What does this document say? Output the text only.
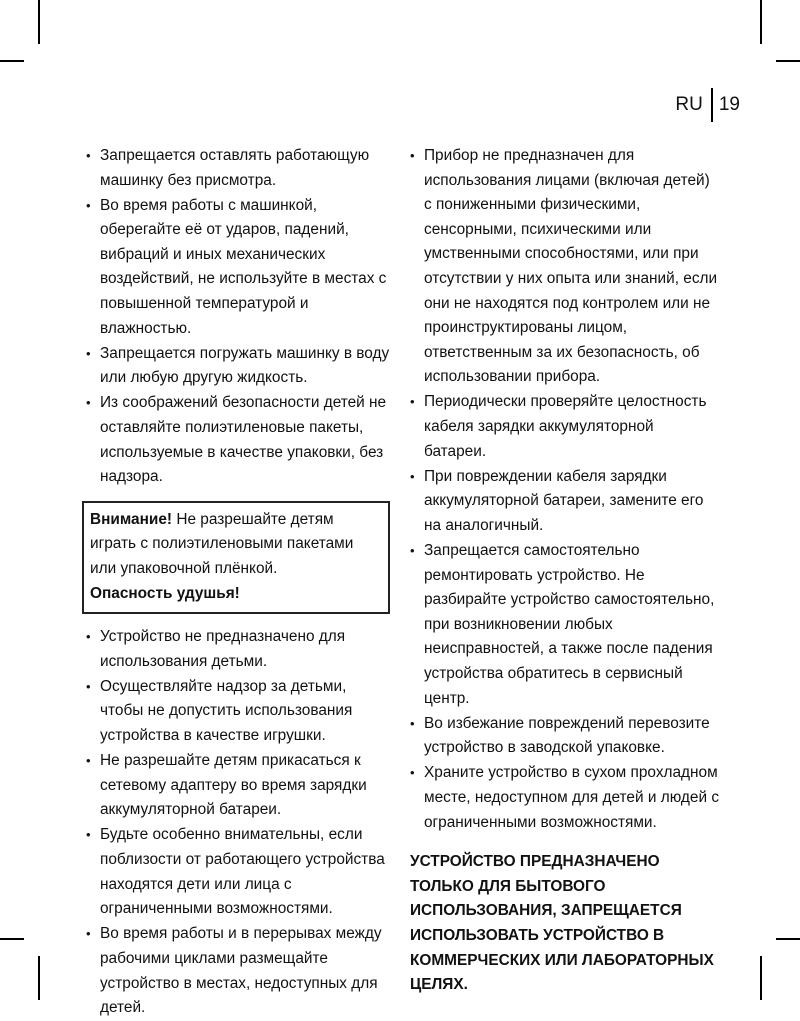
RU 19
• Запрещается оставлять работающую машинку без присмотра.
• Во время работы с машинкой, оберегайте её от ударов, падений, вибраций и иных механических воздействий, не используйте в местах с повышенной температурой и влажностью.
• Запрещается погружать машинку в воду или любую другую жидкость.
• Из соображений безопасности детей не оставляйте полиэтиленовые пакеты, используемые в качестве упаковки, без надзора.
Внимание! Не разрешайте детям играть с полиэтиленовыми пакетами или упаковочной плёнкой.
Опасность удушья!
• Устройство не предназначено для использования детьми.
• Осуществляйте надзор за детьми, чтобы не допустить использования устройства в качестве игрушки.
• Не разрешайте детям прикасаться к сетевому адаптеру во время зарядки аккумуляторной батареи.
• Будьте особенно внимательны, если поблизости от работающего устройства находятся дети или лица с ограниченными возможностями.
• Во время работы и в перерывах между рабочими циклами размещайте устройство в местах, недоступных для детей.
• Прибор не предназначен для использования лицами (включая детей) с пониженными физическими, сенсорными, психическими или умственными способностями, или при отсутствии у них опыта или знаний, если они не находятся под контролем или не проинструктированы лицом, ответственным за их безопасность, об использовании прибора.
• Периодически проверяйте целостность кабеля зарядки аккумуляторной батареи.
• При повреждении кабеля зарядки аккумуляторной батареи, замените его на аналогичный.
• Запрещается самостоятельно ремонтировать устройство. Не разбирайте устройство самостоятельно, при возникновении любых неисправностей, а также после падения устройства обратитесь в сервисный центр.
• Во избежание повреждений перевозите устройство в заводской упаковке.
• Храните устройство в сухом прохладном месте, недоступном для детей и людей с ограниченными возможностями.
УСТРОЙСТВО ПРЕДНАЗНАЧЕНО ТОЛЬКО ДЛЯ БЫТОВОГО ИСПОЛЬЗОВАНИЯ, ЗАПРЕЩАЕТСЯ ИСПОЛЬЗОВАТЬ УСТРОЙСТВО В КОММЕРЧЕСКИХ ИЛИ ЛАБОРАТОРНЫХ ЦЕЛЯХ.
